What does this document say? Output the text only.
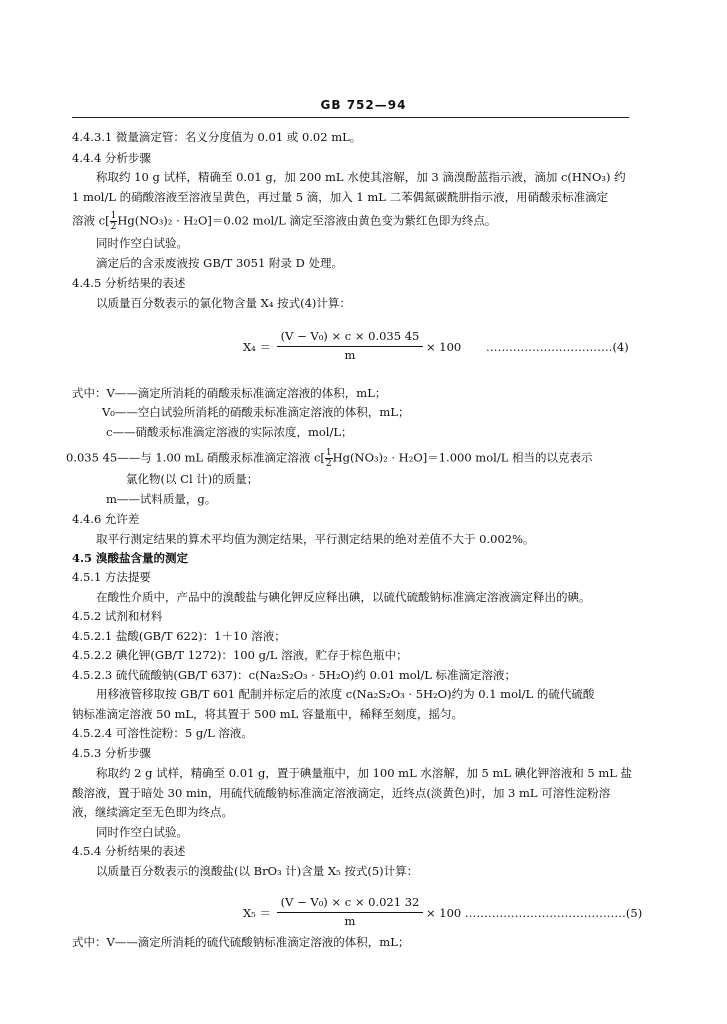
GB 752—94
4.4.3.1 微量滴定管：名义分度值为 0.01 或 0.02 mL。
4.4.4 分析步骤
称取约 10 g 试样，精确至 0.01 g，加 200 mL 水使其溶解，加 3 滴溴酚蓝指示液，滴加 c(HNO₃) 约
1 mol/L 的硝酸溶液至溶液呈黄色，再过量 5 滴，加入 1 mL 二苯偶氮碳酰肼指示液，用硝酸汞标准滴定
溶液 $c[ \frac{1}{2} Hg(NO_3)_2 \cdot H_2O]=0.02$ mol/L 滴定至溶液由黄色变为紫红色即为终点。
同时作空白试验。
滴定后的含汞废液按 GB/T 3051 附录 D 处理。
4.4.5 分析结果的表述
以质量百分数表示的氯化物含量 X₄ 按式(4)计算：
X₄ ＝
(V − V₀) × c × 0.035 45
m
× 100 ……………………………(4)
式中：V——滴定所消耗的硝酸汞标准滴定溶液的体积，mL；
V₀——空白试验所消耗的硝酸汞标准滴定溶液的体积，mL；
c——硝酸汞标准滴定溶液的实际浓度，mol/L；
0.035 45——与 1.00 mL 硝酸汞标准滴定溶液 $c[ \frac{1}{2} Hg(NO_3)_2 \cdot H_2O]=1.000$ mol/L 相当的以克表示
氯化物(以 Cl 计)的质量；
m——试料质量，g。
4.4.6 允许差
取平行测定结果的算术平均值为测定结果，平行测定结果的绝对差值不大于 0.002%。
4.5 溴酸盐含量的测定
4.5.1 方法提要
在酸性介质中，产品中的溴酸盐与碘化钾反应释出碘，以硫代硫酸钠标准滴定溶液滴定释出的碘。
4.5.2 试剂和材料
4.5.2.1 盐酸(GB/T 622)：1＋10 溶液；
4.5.2.2 碘化钾(GB/T 1272)：100 g/L 溶液，贮存于棕色瓶中；
4.5.2.3 硫代硫酸钠(GB/T 637)：c(Na₂S₂O₃ · 5H₂O)约 0.01 mol/L 标准滴定溶液；
用移液管移取按 GB/T 601 配制并标定后的浓度 c(Na₂S₂O₃ · 5H₂O)约为 0.1 mol/L 的硫代硫酸
钠标准滴定溶液 50 mL，将其置于 500 mL 容量瓶中，稀释至刻度，摇匀。
4.5.2.4 可溶性淀粉：5 g/L 溶液。
4.5.3 分析步骤
称取约 2 g 试样，精确至 0.01 g，置于碘量瓶中，加 100 mL 水溶解，加 5 mL 碘化钾溶液和 5 mL 盐
酸溶液，置于暗处 30 min，用硫代硫酸钠标准滴定溶液滴定，近终点(淡黄色)时，加 3 mL 可溶性淀粉溶
液，继续滴定至无色即为终点。
同时作空白试验。
4.5.4 分析结果的表述
以质量百分数表示的溴酸盐(以 BrO₃ 计)含量 X₅ 按式(5)计算：
X₅ ＝
(V − V₀) × c × 0.021 32
m
× 100 ……………………………………(5)
式中：V——滴定所消耗的硫代硫酸钠标准滴定溶液的体积，mL；
